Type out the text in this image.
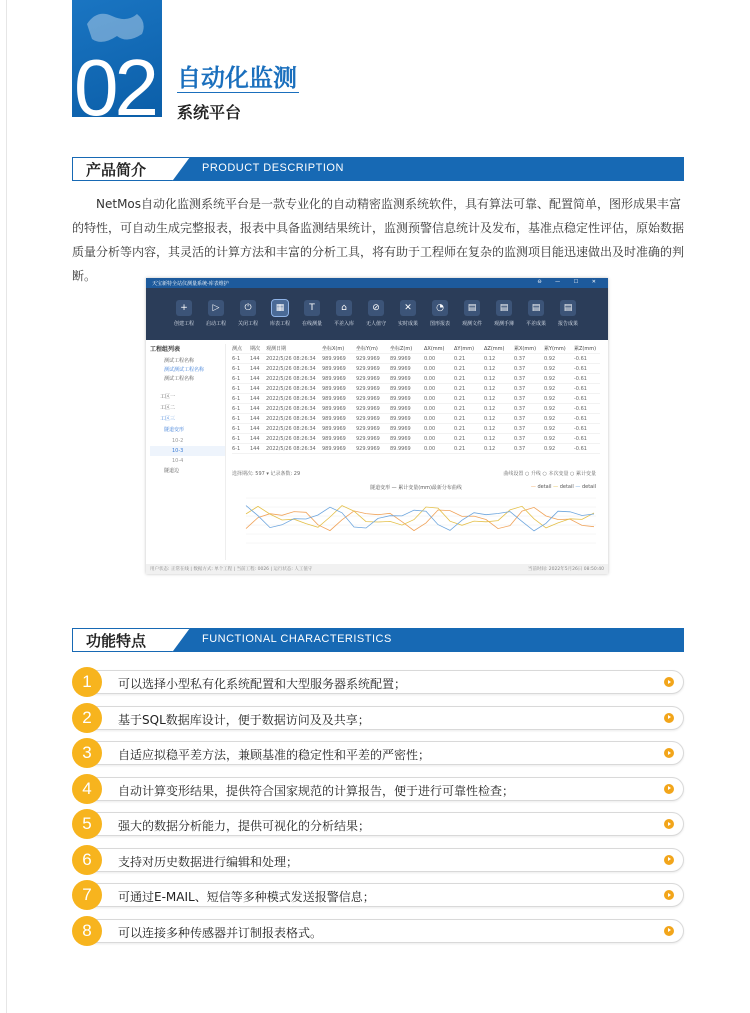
02 自动化监测
系统平台
产品简介	PRODUCT DESCRIPTION
NetMos自动化监测系统平台是一款专业化的自动精密监测系统软件，具有算法可靠、配置简单，图形成果丰富的特性，可自动生成完整报表，报表中具备监测结果统计，监测预警信息统计及发布，基准点稳定性评估，原始数据质量分析等内容，其灵活的计算方法和丰富的分析工具，将有助于工程师在复杂的监测项目能迅速做出及时准确的判断。
天宝新特全站仪测量系统-库表维护	⊖ — ☐ ✕
+
创建工程
▷
启动工程
⏻
关闭工程
▦
库表工程
T
在线测量
⌂
平差入库
⊘
无人值守
✕
实时成果
◔
图形报表
▤
观测文件
▤
观测手簿
▤
平差成果
▤
报告成果
工程组列表
测试工程名称
测试测试工程名称
测试工程名称
工区一
工区二
工区三
隧道变形
10-2
10-3
10-4
隧道边
测点	期次	观测日期	坐标X(m)	坐标Y(m)	坐标Z(m)	ΔX(mm)	ΔY(mm)	ΔZ(mm)	累X(mm)	累Y(mm)	累Z(mm)
6-1	144	2022/5/26 08:26:34	989.9969	929.9969	89.9969	0.00	0.21	0.12	0.37	0.92	-0.61
6-1	144	2022/5/26 08:26:34	989.9969	929.9969	89.9969	0.00	0.21	0.12	0.37	0.92	-0.61
6-1	144	2022/5/26 08:26:34	989.9969	929.9969	89.9969	0.00	0.21	0.12	0.37	0.92	-0.61
6-1	144	2022/5/26 08:26:34	989.9969	929.9969	89.9969	0.00	0.21	0.12	0.37	0.92	-0.61
6-1	144	2022/5/26 08:26:34	989.9969	929.9969	89.9969	0.00	0.21	0.12	0.37	0.92	-0.61
6-1	144	2022/5/26 08:26:34	989.9969	929.9969	89.9969	0.00	0.21	0.12	0.37	0.92	-0.61
6-1	144	2022/5/26 08:26:34	989.9969	929.9969	89.9969	0.00	0.21	0.12	0.37	0.92	-0.61
6-1	144	2022/5/26 08:26:34	989.9969	929.9969	89.9969	0.00	0.21	0.12	0.37	0.92	-0.61
6-1	144	2022/5/26 08:26:34	989.9969	929.9969	89.9969	0.00	0.21	0.12	0.37	0.92	-0.61
6-1	144	2022/5/26 08:26:34	989.9969	929.9969	89.9969	0.00	0.21	0.12	0.37	0.92	-0.61
选择期次: 597 ▾ 记录条数: 29	曲线设置 ○ 升线 ○ 本次变量 ○ 累计变量
隧道变形 — 累计变量(mm)最新分布曲线	— detail — detail — detail
用户状态: 正常在线 | 数据方式: 单个工程 | 当前工程: 0026 | 运行状态: 人工值守	当前时间: 2022年5月26日 08:50:40
功能特点	FUNCTIONAL CHARACTERISTICS
1	可以选择小型私有化系统配置和大型服务器系统配置；
2	基于SQL数据库设计，便于数据访问及及共享；
3	自适应拟稳平差方法，兼顾基准的稳定性和平差的严密性；
4	自动计算变形结果，提供符合国家规范的计算报告，便于进行可靠性检查；
5	强大的数据分析能力，提供可视化的分析结果；
6	支持对历史数据进行编辑和处理；
7	可通过E-MAIL、短信等多种模式发送报警信息；
8	可以连接多种传感器并订制报表格式。
